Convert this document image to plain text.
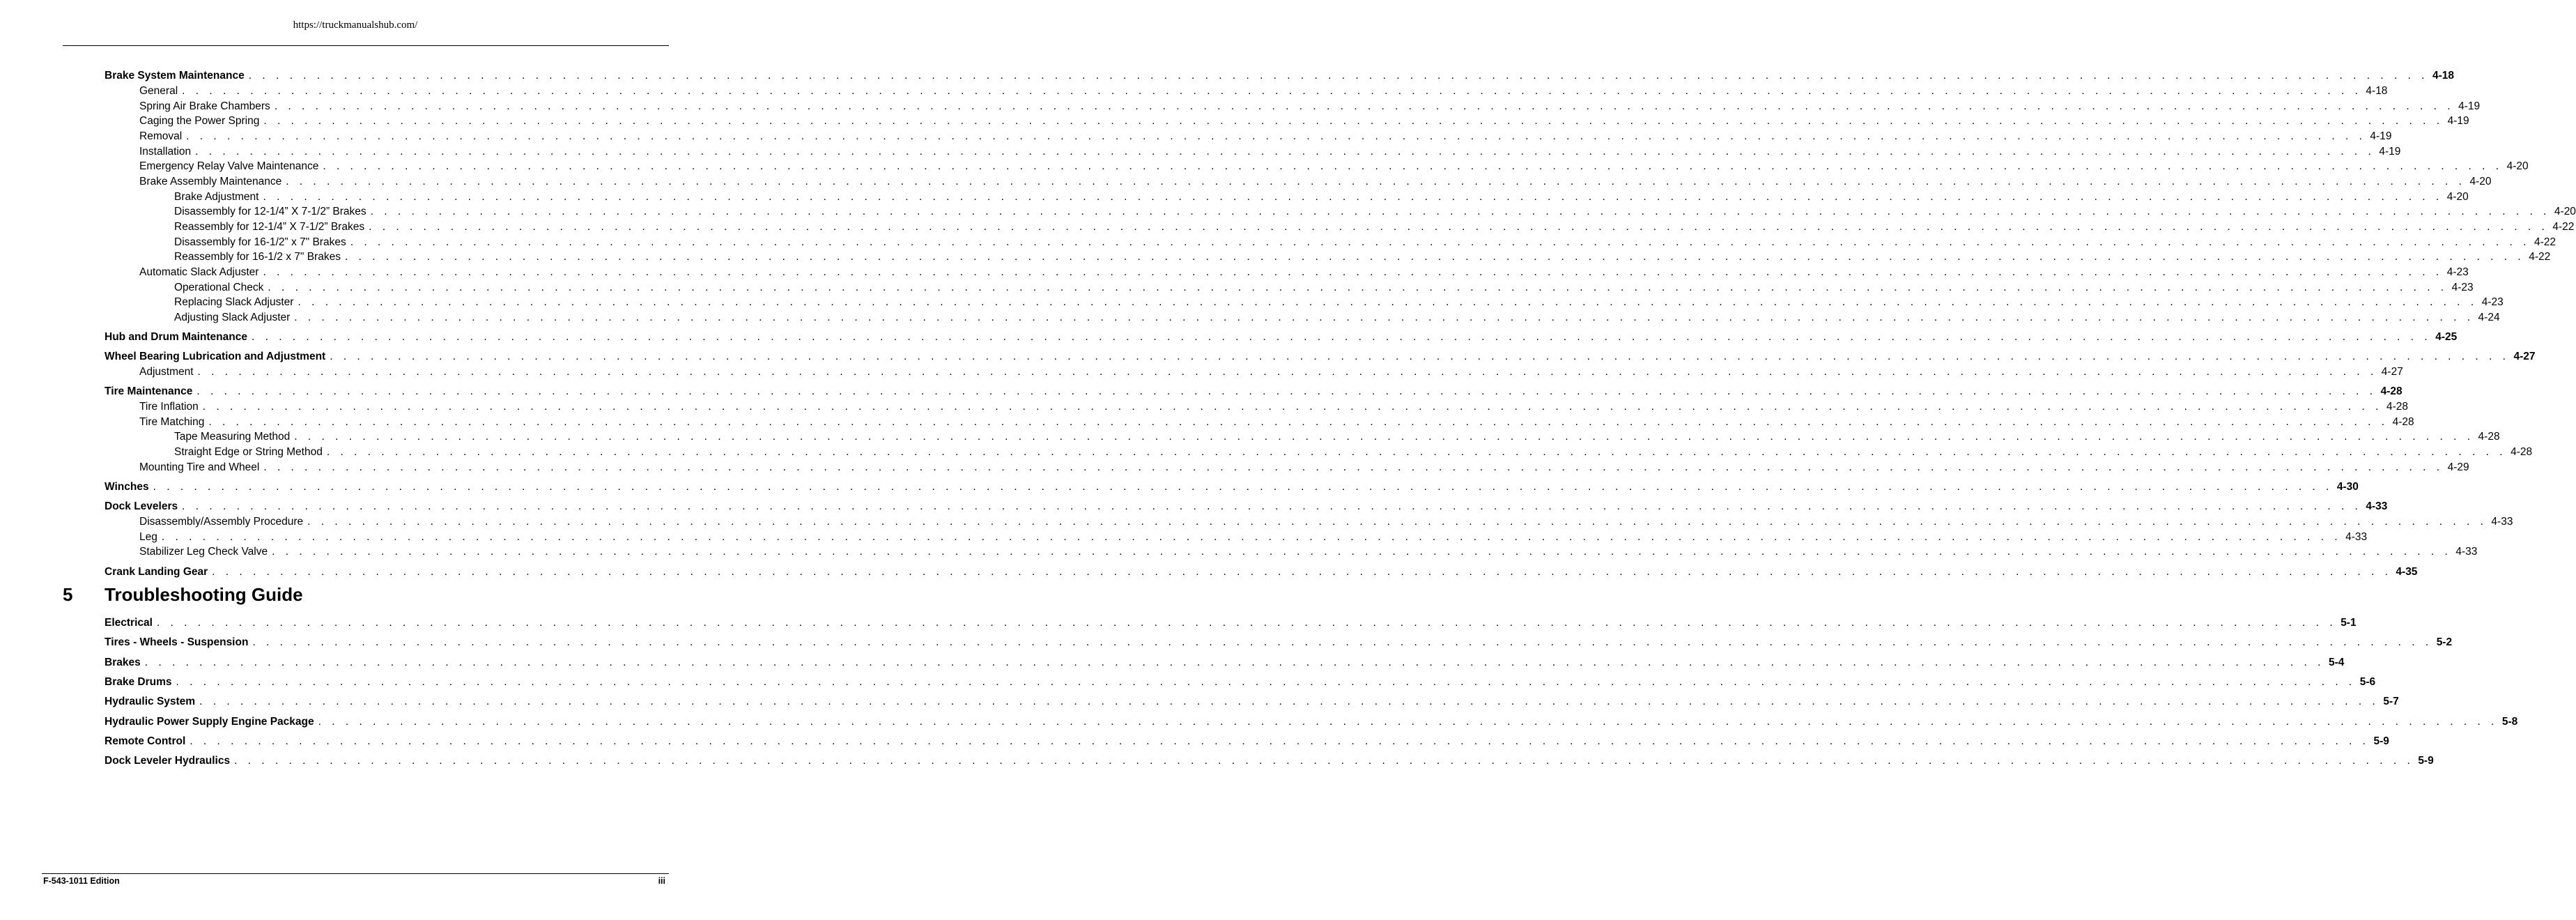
https://truckmanualshub.com/
Brake System Maintenance . . . . . . . . . . . . . . . . . . . . . . . . . . . . . . . . . . . . . . . . . . . . . . . . . . . . . . . . . . . . . . . . . . . . . . . . . . . . . . . . . . . . . . . . . . . . . . . . . . . . . . . . . . . . . . . . . . . . . . . . . . . . . . . . . . . . . . . . . . . . . . . . . . . . . . . . . . . . . . . . 4-18
General . . . . . . . . . . . . . . . . . . . . . . . . . . . . . . . . . . . . . . . . . . . . . . . . . . . . . . . . . . . . . . . . . . . . . . . . . . . . . . . . . . . . . . . . . . . . . . . . . . . . . . . . . . . . . . . . . . . . . . . . . . . . . . . . . . . . . . . . . . . . . . . . . . . . . . . . . . . . . . . . 4-18
Spring Air Brake Chambers . . . . . . . . . . . . . . . . . . . . . . . . . . . . . . . . . . . . . . . . . . . . . . . . . . . . . . . . . . . . . . . . . . . . . . . . . . . . . . . . . . . . . . . . . . . . . . . . . . . . . . . . . . . . . . . . . . . . . . . . . . . . . . . . . . . . . . . . . . . . . . . . . . . . . . . . . . . . . . . . 4-19
Caging the Power Spring . . . . . . . . . . . . . . . . . . . . . . . . . . . . . . . . . . . . . . . . . . . . . . . . . . . . . . . . . . . . . . . . . . . . . . . . . . . . . . . . . . . . . . . . . . . . . . . . . . . . . . . . . . . . . . . . . . . . . . . . . . . . . . . . . . . . . . . . . . . . . . . . . . . . . . . . . . . . . . . . 4-19
Removal . . . . . . . . . . . . . . . . . . . . . . . . . . . . . . . . . . . . . . . . . . . . . . . . . . . . . . . . . . . . . . . . . . . . . . . . . . . . . . . . . . . . . . . . . . . . . . . . . . . . . . . . . . . . . . . . . . . . . . . . . . . . . . . . . . . . . . . . . . . . . . . . . . . . . . . . . . . . . . . . 4-19
Installation . . . . . . . . . . . . . . . . . . . . . . . . . . . . . . . . . . . . . . . . . . . . . . . . . . . . . . . . . . . . . . . . . . . . . . . . . . . . . . . . . . . . . . . . . . . . . . . . . . . . . . . . . . . . . . . . . . . . . . . . . . . . . . . . . . . . . . . . . . . . . . . . . . . . . . . . . . . . . . . . 4-19
Emergency Relay Valve Maintenance . . . . . . . . . . . . . . . . . . . . . . . . . . . . . . . . . . . . . . . . . . . . . . . . . . . . . . . . . . . . . . . . . . . . . . . . . . . . . . . . . . . . . . . . . . . . . . . . . . . . . . . . . . . . . . . . . . . . . . . . . . . . . . . . . . . . . . . . . . . . . . . . . . . . . . . . . . . . . . . . 4-20
Brake Assembly Maintenance . . . . . . . . . . . . . . . . . . . . . . . . . . . . . . . . . . . . . . . . . . . . . . . . . . . . . . . . . . . . . . . . . . . . . . . . . . . . . . . . . . . . . . . . . . . . . . . . . . . . . . . . . . . . . . . . . . . . . . . . . . . . . . . . . . . . . . . . . . . . . . . . . . . . . . . . . . . . . . . . 4-20
Brake Adjustment . . . . . . . . . . . . . . . . . . . . . . . . . . . . . . . . . . . . . . . . . . . . . . . . . . . . . . . . . . . . . . . . . . . . . . . . . . . . . . . . . . . . . . . . . . . . . . . . . . . . . . . . . . . . . . . . . . . . . . . . . . . . . . . . . . . . . . . . . . . . . . . . . . . . . . . . . . . . . . . . 4-20
Disassembly for 12-1/4” X 7-1/2” Brakes . . . . . . . . . . . . . . . . . . . . . . . . . . . . . . . . . . . . . . . . . . . . . . . . . . . . . . . . . . . . . . . . . . . . . . . . . . . . . . . . . . . . . . . . . . . . . . . . . . . . . . . . . . . . . . . . . . . . . . . . . . . . . . . . . . . . . . . . . . . . . . . . . . . . . . . . . . . . . . . . 4-20
Reassembly for 12-1/4” X 7-1/2” Brakes . . . . . . . . . . . . . . . . . . . . . . . . . . . . . . . . . . . . . . . . . . . . . . . . . . . . . . . . . . . . . . . . . . . . . . . . . . . . . . . . . . . . . . . . . . . . . . . . . . . . . . . . . . . . . . . . . . . . . . . . . . . . . . . . . . . . . . . . . . . . . . . . . . . . . . . . . . . . . . . . 4-22
Disassembly for 16-1/2” x 7" Brakes . . . . . . . . . . . . . . . . . . . . . . . . . . . . . . . . . . . . . . . . . . . . . . . . . . . . . . . . . . . . . . . . . . . . . . . . . . . . . . . . . . . . . . . . . . . . . . . . . . . . . . . . . . . . . . . . . . . . . . . . . . . . . . . . . . . . . . . . . . . . . . . . . . . . . . . . . . . . . . . . 4-22
Reassembly for 16-1/2 x 7" Brakes . . . . . . . . . . . . . . . . . . . . . . . . . . . . . . . . . . . . . . . . . . . . . . . . . . . . . . . . . . . . . . . . . . . . . . . . . . . . . . . . . . . . . . . . . . . . . . . . . . . . . . . . . . . . . . . . . . . . . . . . . . . . . . . . . . . . . . . . . . . . . . . . . . . . . . . . . . . . . . . . 4-22
Automatic Slack Adjuster . . . . . . . . . . . . . . . . . . . . . . . . . . . . . . . . . . . . . . . . . . . . . . . . . . . . . . . . . . . . . . . . . . . . . . . . . . . . . . . . . . . . . . . . . . . . . . . . . . . . . . . . . . . . . . . . . . . . . . . . . . . . . . . . . . . . . . . . . . . . . . . . . . . . . . . . . . . . . . . . 4-23
Operational Check . . . . . . . . . . . . . . . . . . . . . . . . . . . . . . . . . . . . . . . . . . . . . . . . . . . . . . . . . . . . . . . . . . . . . . . . . . . . . . . . . . . . . . . . . . . . . . . . . . . . . . . . . . . . . . . . . . . . . . . . . . . . . . . . . . . . . . . . . . . . . . . . . . . . . . . . . . . . . . . . 4-23
Replacing Slack Adjuster . . . . . . . . . . . . . . . . . . . . . . . . . . . . . . . . . . . . . . . . . . . . . . . . . . . . . . . . . . . . . . . . . . . . . . . . . . . . . . . . . . . . . . . . . . . . . . . . . . . . . . . . . . . . . . . . . . . . . . . . . . . . . . . . . . . . . . . . . . . . . . . . . . . . . . . . . . . . . . . . 4-23
Adjusting Slack Adjuster . . . . . . . . . . . . . . . . . . . . . . . . . . . . . . . . . . . . . . . . . . . . . . . . . . . . . . . . . . . . . . . . . . . . . . . . . . . . . . . . . . . . . . . . . . . . . . . . . . . . . . . . . . . . . . . . . . . . . . . . . . . . . . . . . . . . . . . . . . . . . . . . . . . . . . . . . . . . . . . . 4-24
Hub and Drum Maintenance . . . . . . . . . . . . . . . . . . . . . . . . . . . . . . . . . . . . . . . . . . . . . . . . . . . . . . . . . . . . . . . . . . . . . . . . . . . . . . . . . . . . . . . . . . . . . . . . . . . . . . . . . . . . . . . . . . . . . . . . . . . . . . . . . . . . . . . . . . . . . . . . . . . . . . . . . . . . . . . . 4-25
Wheel Bearing Lubrication and Adjustment . . . . . . . . . . . . . . . . . . . . . . . . . . . . . . . . . . . . . . . . . . . . . . . . . . . . . . . . . . . . . . . . . . . . . . . . . . . . . . . . . . . . . . . . . . . . . . . . . . . . . . . . . . . . . . . . . . . . . . . . . . . . . . . . . . . . . . . . . . . . . . . . . . . . . . . . . . . . . . . . 4-27
Adjustment . . . . . . . . . . . . . . . . . . . . . . . . . . . . . . . . . . . . . . . . . . . . . . . . . . . . . . . . . . . . . . . . . . . . . . . . . . . . . . . . . . . . . . . . . . . . . . . . . . . . . . . . . . . . . . . . . . . . . . . . . . . . . . . . . . . . . . . . . . . . . . . . . . . . . . . . . . . . . . . . 4-27
Tire Maintenance . . . . . . . . . . . . . . . . . . . . . . . . . . . . . . . . . . . . . . . . . . . . . . . . . . . . . . . . . . . . . . . . . . . . . . . . . . . . . . . . . . . . . . . . . . . . . . . . . . . . . . . . . . . . . . . . . . . . . . . . . . . . . . . . . . . . . . . . . . . . . . . . . . . . . . . . . . . . . . . . 4-28
Tire Inflation . . . . . . . . . . . . . . . . . . . . . . . . . . . . . . . . . . . . . . . . . . . . . . . . . . . . . . . . . . . . . . . . . . . . . . . . . . . . . . . . . . . . . . . . . . . . . . . . . . . . . . . . . . . . . . . . . . . . . . . . . . . . . . . . . . . . . . . . . . . . . . . . . . . . . . . . . . . . . . . . 4-28
Tire Matching . . . . . . . . . . . . . . . . . . . . . . . . . . . . . . . . . . . . . . . . . . . . . . . . . . . . . . . . . . . . . . . . . . . . . . . . . . . . . . . . . . . . . . . . . . . . . . . . . . . . . . . . . . . . . . . . . . . . . . . . . . . . . . . . . . . . . . . . . . . . . . . . . . . . . . . . . . . . . . . . 4-28
Tape Measuring Method . . . . . . . . . . . . . . . . . . . . . . . . . . . . . . . . . . . . . . . . . . . . . . . . . . . . . . . . . . . . . . . . . . . . . . . . . . . . . . . . . . . . . . . . . . . . . . . . . . . . . . . . . . . . . . . . . . . . . . . . . . . . . . . . . . . . . . . . . . . . . . . . . . . . . . . . . . . . . . . . 4-28
Straight Edge or String Method . . . . . . . . . . . . . . . . . . . . . . . . . . . . . . . . . . . . . . . . . . . . . . . . . . . . . . . . . . . . . . . . . . . . . . . . . . . . . . . . . . . . . . . . . . . . . . . . . . . . . . . . . . . . . . . . . . . . . . . . . . . . . . . . . . . . . . . . . . . . . . . . . . . . . . . . . . . . . . . . 4-28
Mounting Tire and Wheel . . . . . . . . . . . . . . . . . . . . . . . . . . . . . . . . . . . . . . . . . . . . . . . . . . . . . . . . . . . . . . . . . . . . . . . . . . . . . . . . . . . . . . . . . . . . . . . . . . . . . . . . . . . . . . . . . . . . . . . . . . . . . . . . . . . . . . . . . . . . . . . . . . . . . . . . . . . . . . . . 4-29
Winches . . . . . . . . . . . . . . . . . . . . . . . . . . . . . . . . . . . . . . . . . . . . . . . . . . . . . . . . . . . . . . . . . . . . . . . . . . . . . . . . . . . . . . . . . . . . . . . . . . . . . . . . . . . . . . . . . . . . . . . . . . . . . . . . . . . . . . . . . . . . . . . . . . . . . . . . . . . . . . . . 4-30
Dock Levelers . . . . . . . . . . . . . . . . . . . . . . . . . . . . . . . . . . . . . . . . . . . . . . . . . . . . . . . . . . . . . . . . . . . . . . . . . . . . . . . . . . . . . . . . . . . . . . . . . . . . . . . . . . . . . . . . . . . . . . . . . . . . . . . . . . . . . . . . . . . . . . . . . . . . . . . . . . . . . . . . 4-33
Disassembly/Assembly Procedure . . . . . . . . . . . . . . . . . . . . . . . . . . . . . . . . . . . . . . . . . . . . . . . . . . . . . . . . . . . . . . . . . . . . . . . . . . . . . . . . . . . . . . . . . . . . . . . . . . . . . . . . . . . . . . . . . . . . . . . . . . . . . . . . . . . . . . . . . . . . . . . . . . . . . . . . . . . . . . . . 4-33
Leg . . . . . . . . . . . . . . . . . . . . . . . . . . . . . . . . . . . . . . . . . . . . . . . . . . . . . . . . . . . . . . . . . . . . . . . . . . . . . . . . . . . . . . . . . . . . . . . . . . . . . . . . . . . . . . . . . . . . . . . . . . . . . . . . . . . . . . . . . . . . . . . . . . . . . . . . . . . . . . . . 4-33
Stabilizer Leg Check Valve . . . . . . . . . . . . . . . . . . . . . . . . . . . . . . . . . . . . . . . . . . . . . . . . . . . . . . . . . . . . . . . . . . . . . . . . . . . . . . . . . . . . . . . . . . . . . . . . . . . . . . . . . . . . . . . . . . . . . . . . . . . . . . . . . . . . . . . . . . . . . . . . . . . . . . . . . . . . . . . . 4-33
Crank Landing Gear . . . . . . . . . . . . . . . . . . . . . . . . . . . . . . . . . . . . . . . . . . . . . . . . . . . . . . . . . . . . . . . . . . . . . . . . . . . . . . . . . . . . . . . . . . . . . . . . . . . . . . . . . . . . . . . . . . . . . . . . . . . . . . . . . . . . . . . . . . . . . . . . . . . . . . . . . . . . . . . . 4-35
5 Troubleshooting Guide
Electrical . . . . . . . . . . . . . . . . . . . . . . . . . . . . . . . . . . . . . . . . . . . . . . . . . . . . . . . . . . . . . . . . . . . . . . . . . . . . . . . . . . . . . . . . . . . . . . . . . . . . . . . . . . . . . . . . . . . . . . . . . . . . . . . . . . . . . . . . . . . . . . . . . . . . . . . . . . . . . . . . 5-1
Tires - Wheels - Suspension . . . . . . . . . . . . . . . . . . . . . . . . . . . . . . . . . . . . . . . . . . . . . . . . . . . . . . . . . . . . . . . . . . . . . . . . . . . . . . . . . . . . . . . . . . . . . . . . . . . . . . . . . . . . . . . . . . . . . . . . . . . . . . . . . . . . . . . . . . . . . . . . . . . . . . . . . . . . . . . . 5-2
Brakes . . . . . . . . . . . . . . . . . . . . . . . . . . . . . . . . . . . . . . . . . . . . . . . . . . . . . . . . . . . . . . . . . . . . . . . . . . . . . . . . . . . . . . . . . . . . . . . . . . . . . . . . . . . . . . . . . . . . . . . . . . . . . . . . . . . . . . . . . . . . . . . . . . . . . . . . . . . . . . . . 5-4
Brake Drums . . . . . . . . . . . . . . . . . . . . . . . . . . . . . . . . . . . . . . . . . . . . . . . . . . . . . . . . . . . . . . . . . . . . . . . . . . . . . . . . . . . . . . . . . . . . . . . . . . . . . . . . . . . . . . . . . . . . . . . . . . . . . . . . . . . . . . . . . . . . . . . . . . . . . . . . . . . . . . . . 5-6
Hydraulic System . . . . . . . . . . . . . . . . . . . . . . . . . . . . . . . . . . . . . . . . . . . . . . . . . . . . . . . . . . . . . . . . . . . . . . . . . . . . . . . . . . . . . . . . . . . . . . . . . . . . . . . . . . . . . . . . . . . . . . . . . . . . . . . . . . . . . . . . . . . . . . . . . . . . . . . . . . . . . . . . 5-7
Hydraulic Power Supply Engine Package . . . . . . . . . . . . . . . . . . . . . . . . . . . . . . . . . . . . . . . . . . . . . . . . . . . . . . . . . . . . . . . . . . . . . . . . . . . . . . . . . . . . . . . . . . . . . . . . . . . . . . . . . . . . . . . . . . . . . . . . . . . . . . . . . . . . . . . . . . . . . . . . . . . . . . . . . . . . . . . . 5-8
Remote Control . . . . . . . . . . . . . . . . . . . . . . . . . . . . . . . . . . . . . . . . . . . . . . . . . . . . . . . . . . . . . . . . . . . . . . . . . . . . . . . . . . . . . . . . . . . . . . . . . . . . . . . . . . . . . . . . . . . . . . . . . . . . . . . . . . . . . . . . . . . . . . . . . . . . . . . . . . . . . . . . 5-9
Dock Leveler Hydraulics . . . . . . . . . . . . . . . . . . . . . . . . . . . . . . . . . . . . . . . . . . . . . . . . . . . . . . . . . . . . . . . . . . . . . . . . . . . . . . . . . . . . . . . . . . . . . . . . . . . . . . . . . . . . . . . . . . . . . . . . . . . . . . . . . . . . . . . . . . . . . . . . . . . . . . . . . . . . . . . . 5-9
F-543-1011 Edition	iii
